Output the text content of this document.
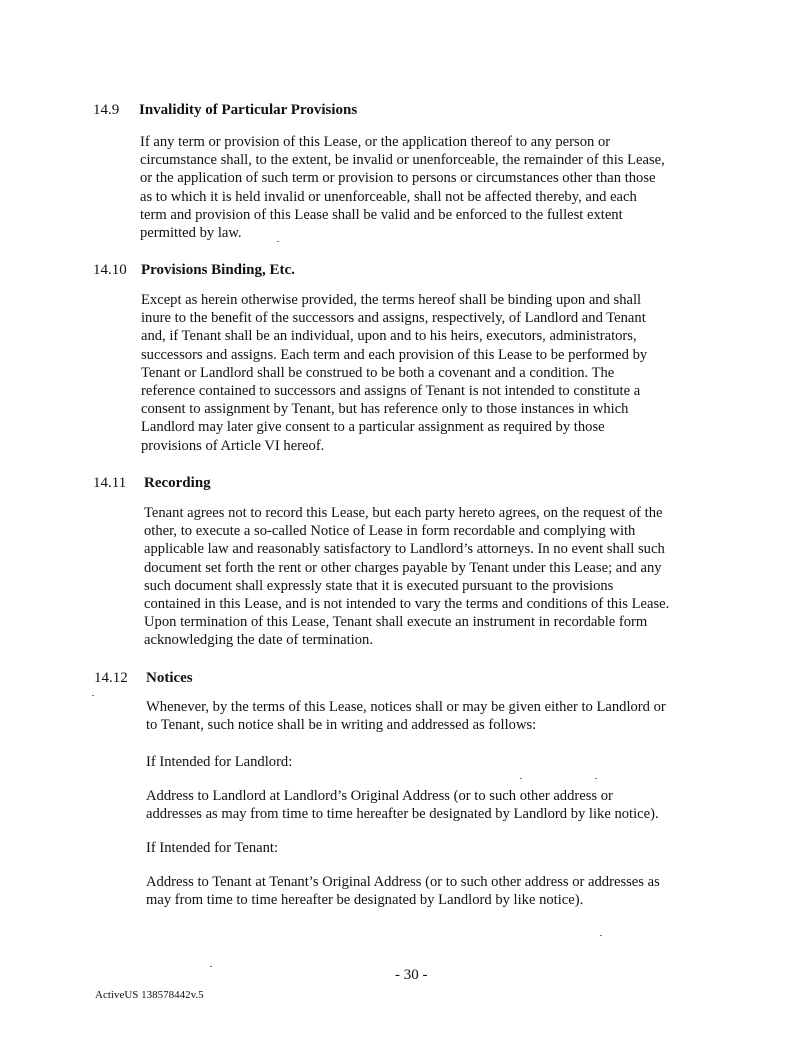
14.9 Invalidity of Particular Provisions
If any term or provision of this Lease, or the application thereof to any person or
circumstance shall, to the extent, be invalid or unenforceable, the remainder of this Lease,
or the application of such term or provision to persons or circumstances other than those
as to which it is held invalid or unenforceable, shall not be affected thereby, and each
term and provision of this Lease shall be valid and be enforced to the fullest extent
permitted by law.
14.10 Provisions Binding, Etc.
Except as herein otherwise provided, the terms hereof shall be binding upon and shall
inure to the benefit of the successors and assigns, respectively, of Landlord and Tenant
and, if Tenant shall be an individual, upon and to his heirs, executors, administrators,
successors and assigns. Each term and each provision of this Lease to be performed by
Tenant or Landlord shall be construed to be both a covenant and a condition. The
reference contained to successors and assigns of Tenant is not intended to constitute a
consent to assignment by Tenant, but has reference only to those instances in which
Landlord may later give consent to a particular assignment as required by those
provisions of Article VI hereof.
14.11 Recording
Tenant agrees not to record this Lease, but each party hereto agrees, on the request of the
other, to execute a so-called Notice of Lease in form recordable and complying with
applicable law and reasonably satisfactory to Landlord’s attorneys. In no event shall such
document set forth the rent or other charges payable by Tenant under this Lease; and any
such document shall expressly state that it is executed pursuant to the provisions
contained in this Lease, and is not intended to vary the terms and conditions of this Lease.
Upon termination of this Lease, Tenant shall execute an instrument in recordable form
acknowledging the date of termination.
14.12 Notices
Whenever, by the terms of this Lease, notices shall or may be given either to Landlord or
to Tenant, such notice shall be in writing and addressed as follows:
If Intended for Landlord:
Address to Landlord at Landlord’s Original Address (or to such other address or
addresses as may from time to time hereafter be designated by Landlord by like notice).
If Intended for Tenant:
Address to Tenant at Tenant’s Original Address (or to such other address or addresses as
may from time to time hereafter be designated by Landlord by like notice).
- 30 -
ActiveUS 138578442v.5
